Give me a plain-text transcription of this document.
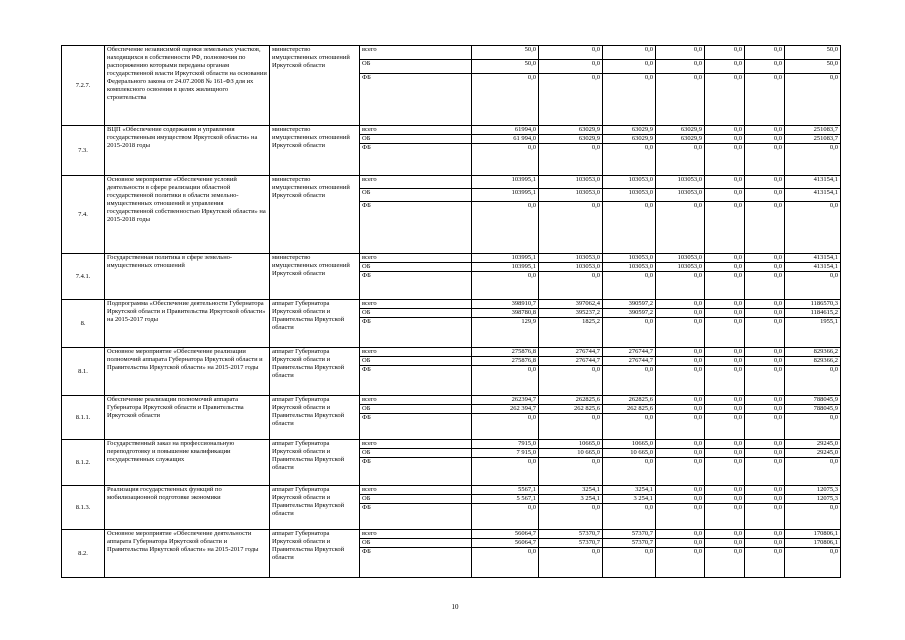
7.2.7.	Обеспечение независимой оценки земельных участков, находящихся в собственности РФ, полномочия по распоряжению которыми переданы органам государственной власти Иркутской области на основании Федерального закона от 24.07.2008 № 161-ФЗ для их комплексного освоения в целях жилищного строительства	министерство имущественных отношений Иркутской области	всего	50,0	0,0	0,0	0,0	0,0	0,0	50,0
			ОБ	50,0	0,0	0,0	0,0	0,0	0,0	50,0
			ФБ	0,0	0,0	0,0	0,0	0,0	0,0	0,0
7.3.	ВЦП «Обеспечение содержания и управления государственным имуществом Иркутской области» на 2015-2018 годы	министерство имущественных отношений Иркутской области	всего	61994,0	63029,9	63029,9	63029,9	0,0	0,0	251083,7
			ОБ	61 994,0	63029,9	63029,9	63029,9	0,0	0,0	251083,7
			ФБ	0,0	0,0	0,0	0,0	0,0	0,0	0,0
7.4.	Основное мероприятие «Обеспечение условий деятельности в сфере реализации областной государственной политики в области земельно-имущественных отношений и управления государственной собственностью Иркутской области» на 2015-2018 годы	министерство имущественных отношений Иркутской области	всего	103995,1	103053,0	103053,0	103053,0	0,0	0,0	413154,1
			ОБ	103995,1	103053,0	103053,0	103053,0	0,0	0,0	413154,1
			ФБ	0,0	0,0	0,0	0,0	0,0	0,0	0,0
7.4.1.	Государственная политика в сфере земельно-имущественных отношений	министерство имущественных отношений Иркутской области	всего	103995,1	103053,0	103053,0	103053,0	0,0	0,0	413154,1
			ОБ	103995,1	103053,0	103053,0	103053,0	0,0	0,0	413154,1
			ФБ	0,0	0,0	0,0	0,0	0,0	0,0	0,0
8.	Подпрограмма «Обеспечение деятельности Губернатора Иркутской области и Правительства Иркутской области» на 2015-2017 годы	аппарат Губернатора Иркутской области и Правительства Иркутской области	всего	398910,7	397062,4	390597,2	0,0	0,0	0,0	1186570,3
			ОБ	398780,8	395237,2	390597,2	0,0	0,0	0,0	1184615,2
			ФБ	129,9	1825,2	0,0	0,0	0,0	0,0	1955,1
8.1.	Основное мероприятие «Обеспечение реализации полномочий аппарата Губернатора Иркутской области и Правительства Иркутской области» на 2015-2017 годы	аппарат Губернатора Иркутской области и Правительства Иркутской области	всего	275876,8	276744,7	276744,7	0,0	0,0	0,0	829366,2
			ОБ	275876,8	276744,7	276744,7	0,0	0,0	0,0	829366,2
			ФБ	0,0	0,0	0,0	0,0	0,0	0,0	0,0
8.1.1.	Обеспечение реализации полномочий аппарата Губернатора Иркутской области и Правительства Иркутской области	аппарат Губернатора Иркутской области и Правительства Иркутской области	всего	262394,7	262825,6	262825,6	0,0	0,0	0,0	788045,9
			ОБ	262 394,7	262 825,6	262 825,6	0,0	0,0	0,0	788045,9
			ФБ	0,0	0,0	0,0	0,0	0,0	0,0	0,0
8.1.2.	Государственный заказ на профессиональную переподготовку и повышение квалификации государственных служащих	аппарат Губернатора Иркутской области и Правительства Иркутской области	всего	7915,0	10665,0	10665,0	0,0	0,0	0,0	29245,0
			ОБ	7 915,0	10 665,0	10 665,0	0,0	0,0	0,0	29245,0
			ФБ	0,0	0,0	0,0	0,0	0,0	0,0	0,0
8.1.3.	Реализация государственных функций по мобилизационной подготовке экономики	аппарат Губернатора Иркутской области и Правительства Иркутской области	всего	5567,1	3254,1	3254,1	0,0	0,0	0,0	12075,3
			ОБ	5 567,1	3 254,1	3 254,1	0,0	0,0	0,0	12075,3
			ФБ	0,0	0,0	0,0	0,0	0,0	0,0	0,0
8.2.	Основное мероприятие «Обеспечение деятельности аппарата Губернатора Иркутской области и Правительства Иркутской области» на 2015-2017 годы	аппарат Губернатора Иркутской области и Правительства Иркутской области	всего	56064,7	57370,7	57370,7	0,0	0,0	0,0	170806,1
			ОБ	56064,7	57370,7	57370,7	0,0	0,0	0,0	170806,1
			ФБ	0,0	0,0	0,0	0,0	0,0	0,0	0,0
10
